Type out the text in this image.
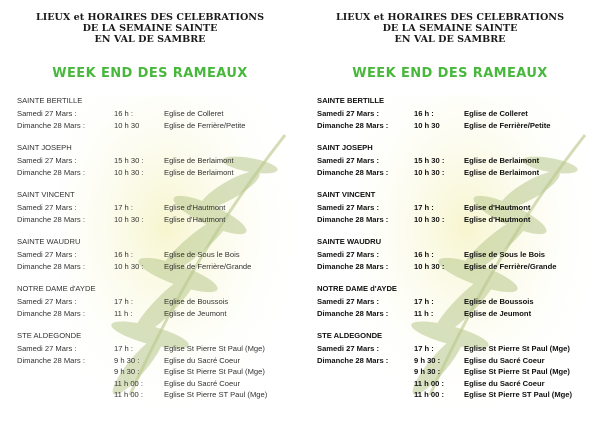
LIEUX et HORAIRES DES CELEBRATIONS
DE LA SEMAINE SAINTE
EN VAL DE SAMBRE
WEEK END DES RAMEAUX
SAINTE BERTILLE
Samedi 27 Mars :	16 h :	Eglise de Colleret
Dimanche 28 Mars :	10 h 30	Eglise de Ferrière/Petite
SAINT JOSEPH
Samedi 27 Mars :	15 h 30 :	Eglise de Berlaimont
Dimanche 28 Mars :	10 h 30 :	Eglise de Berlaimont
SAINT VINCENT
Samedi 27 Mars :	17 h :	Eglise d'Hautmont
Dimanche 28 Mars :	10 h 30 :	Eglise d'Hautmont
SAINTE WAUDRU
Samedi 27 Mars :	16 h :	Eglise de Sous le Bois
Dimanche 28 Mars :	10 h 30 :	Eglise de Ferrière/Grande
NOTRE DAME d'AYDE
Samedi 27 Mars :	17 h :	Eglise de Boussois
Dimanche 28 Mars :	11 h :	Eglise de Jeumont
STE ALDEGONDE
Samedi 27 Mars :	17 h :	Eglise St Pierre St Paul (Mge)
Dimanche 28 Mars :	9 h 30 :	Eglise du Sacré Coeur
9 h 30 :	Eglise St Pierre St Paul (Mge)
11 h 00 :	Eglise du Sacré Coeur
11 h 00 :	Eglise St Pierre ST Paul (Mge)
LIEUX et HORAIRES DES CELEBRATIONS
DE LA SEMAINE SAINTE
EN VAL DE SAMBRE
WEEK END DES RAMEAUX
SAINTE BERTILLE
Samedi 27 Mars :	16 h :	Eglise de Colleret
Dimanche 28 Mars :	10 h 30	Eglise de Ferrière/Petite
SAINT JOSEPH
Samedi 27 Mars :	15 h 30 :	Eglise de Berlaimont
Dimanche 28 Mars :	10 h 30 :	Eglise de Berlaimont
SAINT VINCENT
Samedi 27 Mars :	17 h :	Eglise d'Hautmont
Dimanche 28 Mars :	10 h 30 :	Eglise d'Hautmont
SAINTE WAUDRU
Samedi 27 Mars :	16 h :	Eglise de Sous le Bois
Dimanche 28 Mars :	10 h 30 :	Eglise de Ferrière/Grande
NOTRE DAME d'AYDE
Samedi 27 Mars :	17 h :	Eglise de Boussois
Dimanche 28 Mars :	11 h :	Eglise de Jeumont
STE ALDEGONDE
Samedi 27 Mars :	17 h :	Eglise St Pierre St Paul (Mge)
Dimanche 28 Mars :	9 h 30 :	Eglise du Sacré Coeur
9 h 30 :	Eglise St Pierre St Paul (Mge)
11 h 00 :	Eglise du Sacré Coeur
11 h 00 :	Eglise St Pierre ST Paul (Mge)
